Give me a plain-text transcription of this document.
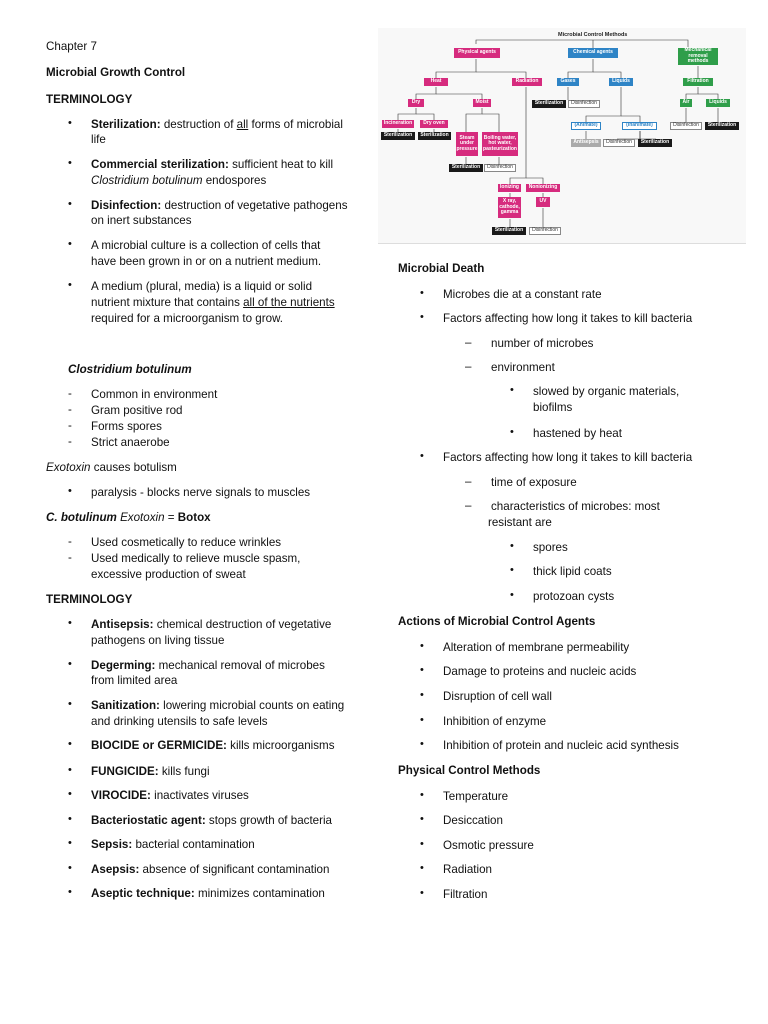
Chapter 7
Microbial Growth Control
TERMINOLOGY
• Sterilization: destruction of all forms of microbial
life
• Commercial sterilization: sufficient heat to kill
Clostridium botulinum endospores
• Disinfection: destruction of vegetative pathogens
on inert substances
• A microbial culture is a collection of cells that
have been grown in or on a nutrient medium.
• A medium (plural, media) is a liquid or solid
nutrient mixture that contains all of the nutrients
required for a microorganism to grow.
Clostridium botulinum
- Common in environment
- Gram positive rod
- Forms spores
- Strict anaerobe
Exotoxin causes botulism
• paralysis - blocks nerve signals to muscles
C. botulinum Exotoxin = Botox
- Used cosmetically to reduce wrinkles
- Used medically to relieve muscle spasm,
excessive production of sweat
TERMINOLOGY
• Antisepsis: chemical destruction of vegetative
pathogens on living tissue
• Degerming: mechanical removal of microbes
from limited area
• Sanitization: lowering microbial counts on eating
and drinking utensils to safe levels
• BIOCIDE or GERMICIDE: kills microorganisms
• FUNGICIDE: kills fungi
• VIROCIDE: inactivates viruses
• Bacteriostatic agent: stops growth of bacteria
• Sepsis: bacterial contamination
• Asepsis: absence of significant contamination
• Aseptic technique: minimizes contamination
Microbial Control Methods
Physical agents	Chemical agents	Mechanical removal methods
Heat	Radiation	Gases	Liquids	Filtration
Dry	Moist
Incineration	Dry oven
Sterilization	Sterilization	Steam under pressure
Boiling water, hot water, pasteurization
Sterilization	Disinfection
Ionizing	Nonionizing
X ray, cathode, gamma
UV
Sterilization	Disinfection
Sterilization	Disinfection
(Animate)	(Inanimate)
Antisepsis	Disinfection	Sterilization
Air	Liquids
Disinfection	Sterilization
Microbial Death
• Microbes die at a constant rate
• Factors affecting how long it takes to kill bacteria
– number of microbes
– environment
• slowed by organic materials,
biofilms
• hastened by heat
• Factors affecting how long it takes to kill bacteria
– time of exposure
– characteristics of microbes: most
resistant are
• spores
• thick lipid coats
• protozoan cysts
Actions of Microbial Control Agents
• Alteration of membrane permeability
• Damage to proteins and nucleic acids
• Disruption of cell wall
• Inhibition of enzyme
• Inhibition of protein and nucleic acid synthesis
Physical Control Methods
• Temperature
• Desiccation
• Osmotic pressure
• Radiation
• Filtration
